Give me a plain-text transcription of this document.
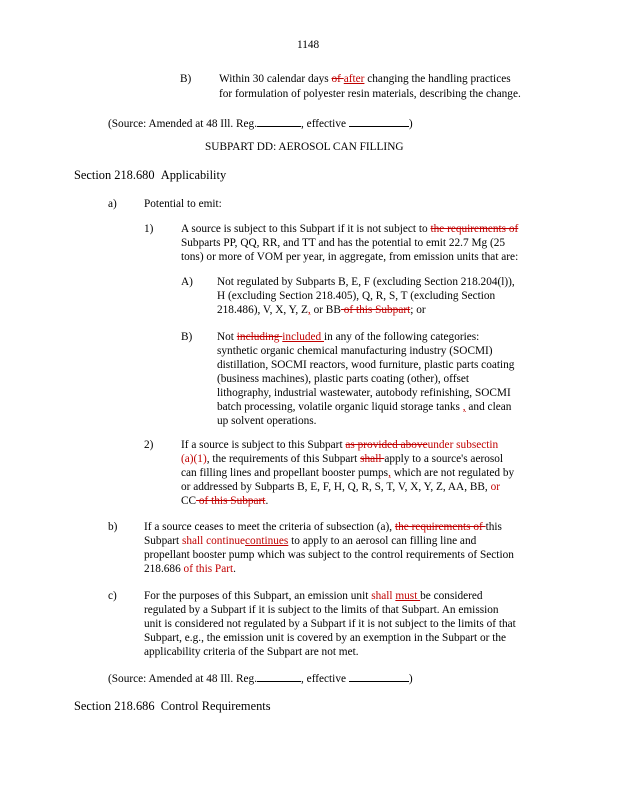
1148
B) Within 30 calendar days of after changing the handling practices
for formulation of polyester resin materials, describing the change.
(Source: Amended at 48 Ill. Reg.	, effective	)
SUBPART DD: AEROSOL CAN FILLING
Section 218.680 Applicability
a) Potential to emit:
1) A source is subject to this Subpart if it is not subject to the requirements of
Subparts PP, QQ, RR, and TT and has the potential to emit 22.7 Mg (25
tons) or more of VOM per year, in aggregate, from emission units that are:
A) Not regulated by Subparts B, E, F (excluding Section 218.204(l)),
H (excluding Section 218.405), Q, R, S, T (excluding Section
218.486), V, X, Y, Z, or BB of this Subpart; or
B) Not including included in any of the following categories:
synthetic organic chemical manufacturing industry (SOCMI)
distillation, SOCMI reactors, wood furniture, plastic parts coating
(business machines), plastic parts coating (other), offset
lithography, industrial wastewater, autobody refinishing, SOCMI
batch processing, volatile organic liquid storage tanks , and clean
up solvent operations.
2) If a source is subject to this Subpart as provided aboveunder subsectin
(a)(1), the requirements of this Subpart shall apply to a source's aerosol
can filling lines and propellant booster pumps, which are not regulated by
or addressed by Subparts B, E, F, H, Q, R, S, T, V, X, Y, Z, AA, BB, or
CC of this Subpart.
b) If a source ceases to meet the criteria of subsection (a), the requirements of this
Subpart shall continuecontinues to apply to an aerosol can filling line and
propellant booster pump which was subject to the control requirements of Section
218.686 of this Part.
c) For the purposes of this Subpart, an emission unit shall must be considered
regulated by a Subpart if it is subject to the limits of that Subpart. An emission
unit is considered not regulated by a Subpart if it is not subject to the limits of that
Subpart, e.g., the emission unit is covered by an exemption in the Subpart or the
applicability criteria of the Subpart are not met.
(Source: Amended at 48 Ill. Reg.	, effective	)
Section 218.686 Control Requirements
